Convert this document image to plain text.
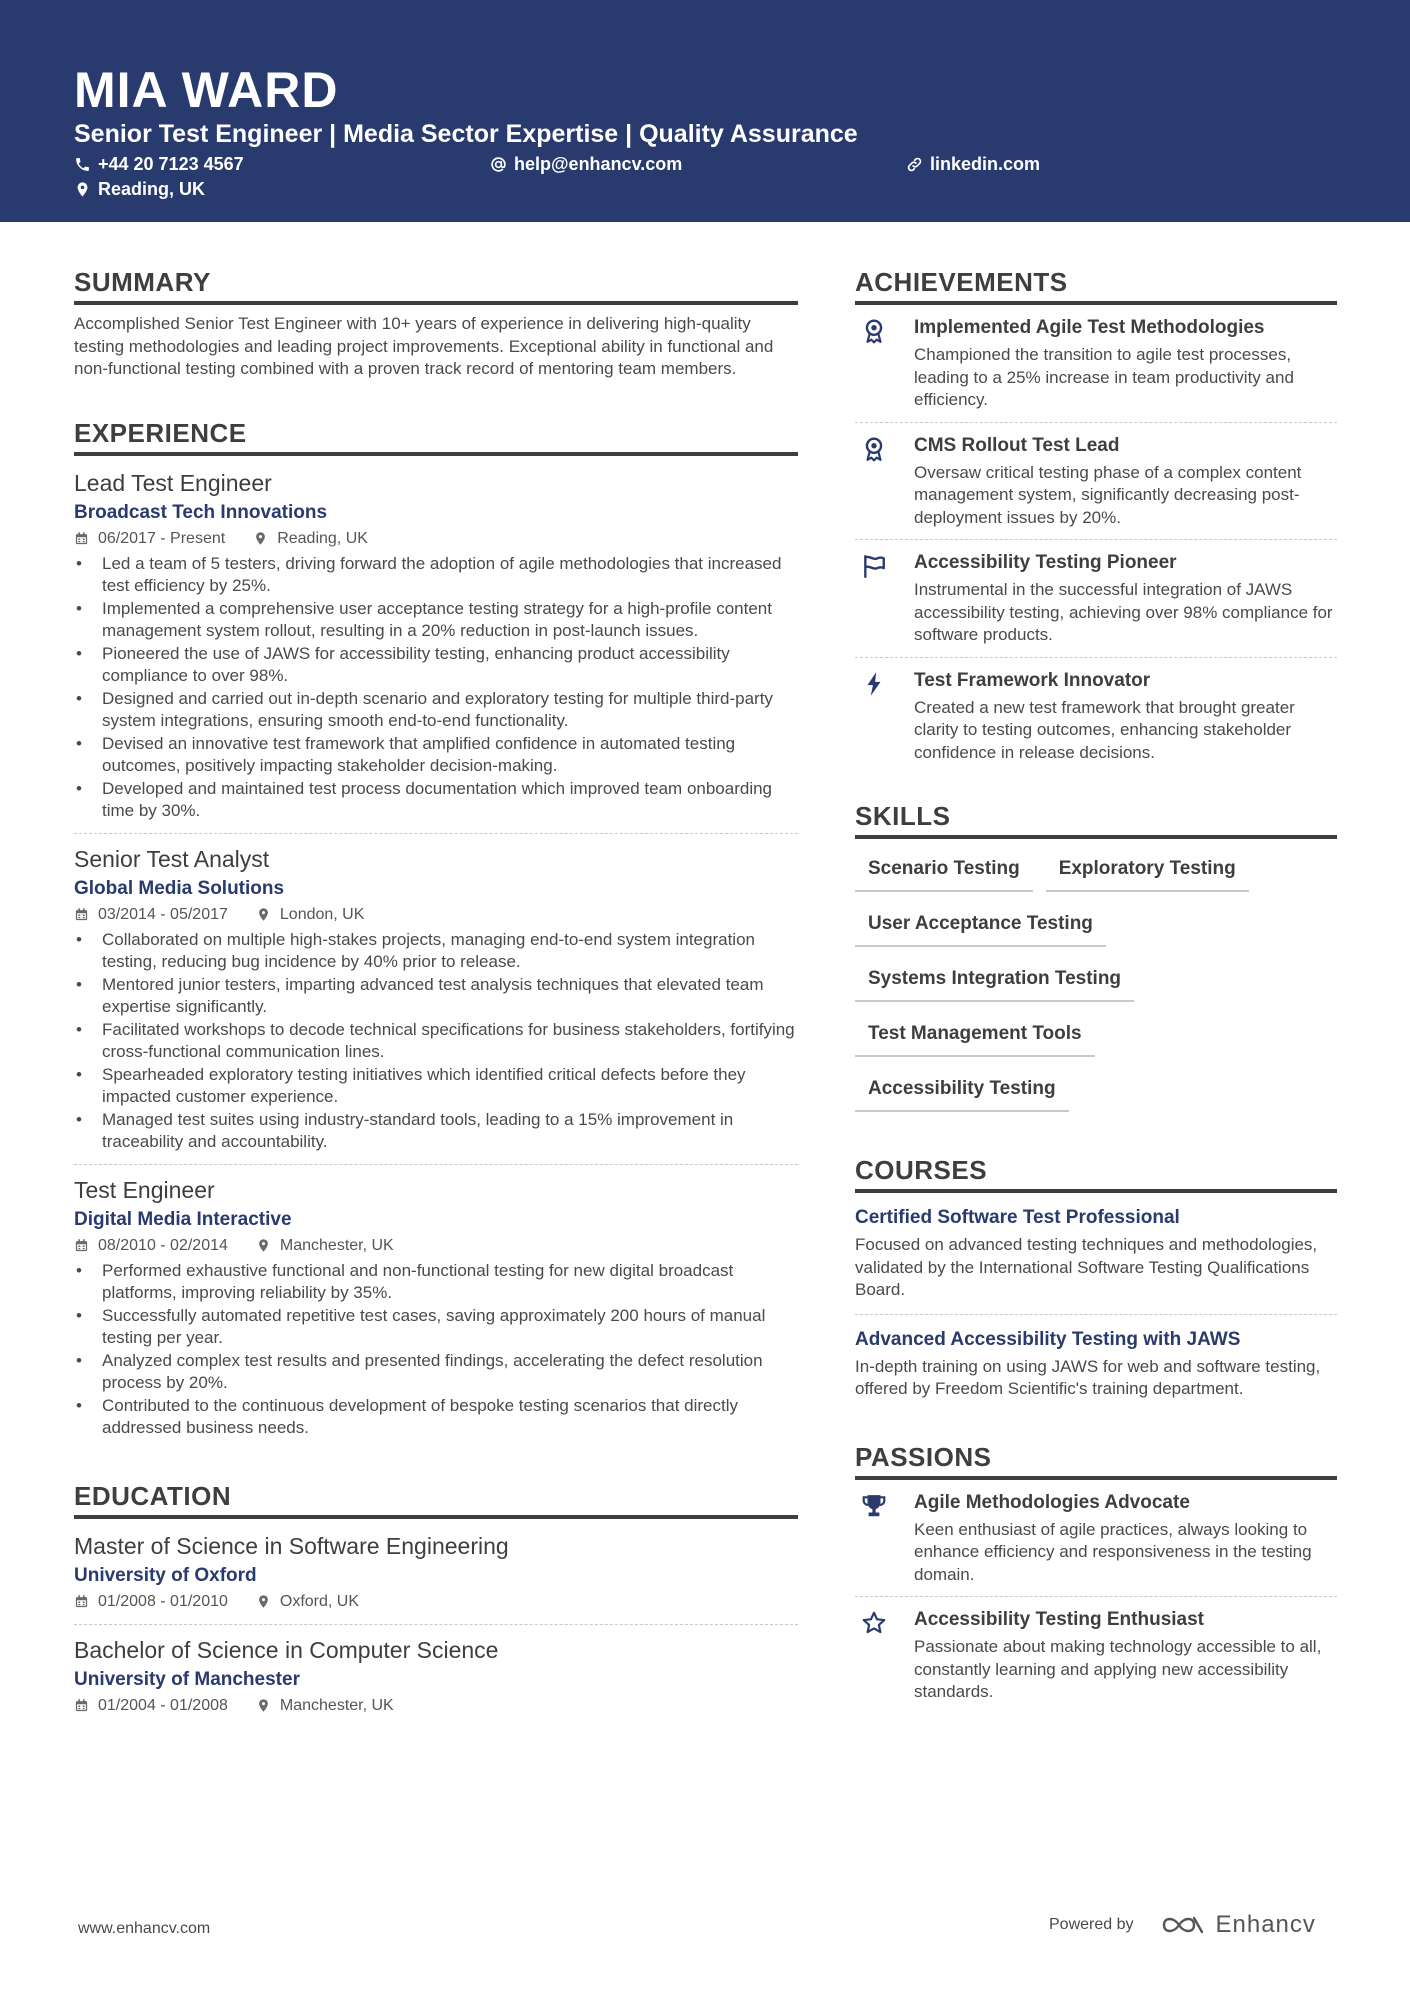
MIA WARD
Senior Test Engineer | Media Sector Expertise | Quality Assurance
+44 20 7123 4567	help@enhancv.com	linkedin.com
Reading, UK
SUMMARY
Accomplished Senior Test Engineer with 10+ years of experience in delivering high-quality testing methodologies and leading project improvements. Exceptional ability in functional and non-functional testing combined with a proven track record of mentoring team members.
EXPERIENCE
Lead Test Engineer
Broadcast Tech Innovations
06/2017 - Present	Reading, UK
• Led a team of 5 testers, driving forward the adoption of agile methodologies that increased test efficiency by 25%.
• Implemented a comprehensive user acceptance testing strategy for a high-profile content management system rollout, resulting in a 20% reduction in post-launch issues.
• Pioneered the use of JAWS for accessibility testing, enhancing product accessibility compliance to over 98%.
• Designed and carried out in-depth scenario and exploratory testing for multiple third-party system integrations, ensuring smooth end-to-end functionality.
• Devised an innovative test framework that amplified confidence in automated testing outcomes, positively impacting stakeholder decision-making.
• Developed and maintained test process documentation which improved team onboarding time by 30%.
Senior Test Analyst
Global Media Solutions
03/2014 - 05/2017	London, UK
• Collaborated on multiple high-stakes projects, managing end-to-end system integration testing, reducing bug incidence by 40% prior to release.
• Mentored junior testers, imparting advanced test analysis techniques that elevated team expertise significantly.
• Facilitated workshops to decode technical specifications for business stakeholders, fortifying cross-functional communication lines.
• Spearheaded exploratory testing initiatives which identified critical defects before they impacted customer experience.
• Managed test suites using industry-standard tools, leading to a 15% improvement in traceability and accountability.
Test Engineer
Digital Media Interactive
08/2010 - 02/2014	Manchester, UK
• Performed exhaustive functional and non-functional testing for new digital broadcast platforms, improving reliability by 35%.
• Successfully automated repetitive test cases, saving approximately 200 hours of manual testing per year.
• Analyzed complex test results and presented findings, accelerating the defect resolution process by 20%.
• Contributed to the continuous development of bespoke testing scenarios that directly addressed business needs.
EDUCATION
Master of Science in Software Engineering
University of Oxford
01/2008 - 01/2010	Oxford, UK
Bachelor of Science in Computer Science
University of Manchester
01/2004 - 01/2008	Manchester, UK
ACHIEVEMENTS
Implemented Agile Test Methodologies
Championed the transition to agile test processes, leading to a 25% increase in team productivity and efficiency.
CMS Rollout Test Lead
Oversaw critical testing phase of a complex content management system, significantly decreasing post-deployment issues by 20%.
Accessibility Testing Pioneer
Instrumental in the successful integration of JAWS accessibility testing, achieving over 98% compliance for software products.
Test Framework Innovator
Created a new test framework that brought greater clarity to testing outcomes, enhancing stakeholder confidence in release decisions.
SKILLS
Scenario Testing	Exploratory Testing
User Acceptance Testing
Systems Integration Testing
Test Management Tools
Accessibility Testing
COURSES
Certified Software Test Professional
Focused on advanced testing techniques and methodologies, validated by the International Software Testing Qualifications Board.
Advanced Accessibility Testing with JAWS
In-depth training on using JAWS for web and software testing, offered by Freedom Scientific's training department.
PASSIONS
Agile Methodologies Advocate
Keen enthusiast of agile practices, always looking to enhance efficiency and responsiveness in the testing domain.
Accessibility Testing Enthusiast
Passionate about making technology accessible to all, constantly learning and applying new accessibility standards.
www.enhancv.com	Powered by	Enhancv
